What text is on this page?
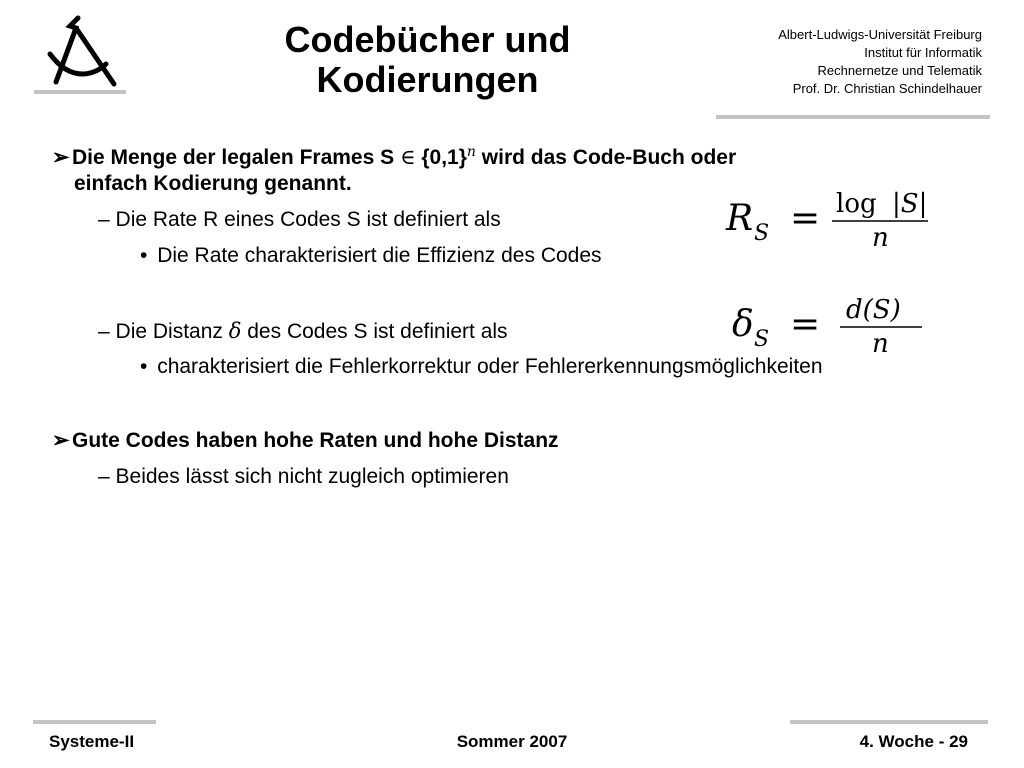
Codebücher und
Kodierungen
Albert-Ludwigs-Universität Freiburg
Institut für Informatik
Rechnernetze und Telematik
Prof. Dr. Christian Schindelhauer
➢ Die Menge der legalen Frames S ∈ $\{0,1\}^n$ wird das Code-Buch oder
einfach Kodierung genannt.
– Die Rate R eines Codes S ist definiert als
• Die Rate charakterisiert die Effizienz des Codes
– Die Distanz δ des Codes S ist definiert als
• charakterisiert die Fehlerkorrektur oder Fehlererkennungsmöglichkeiten
➢ Gute Codes haben hohe Raten und hohe Distanz
– Beides lässt sich nicht zugleich optimieren
R S = log |S|
n
δ S = d(S)
n
Systeme-II	Sommer 2007	4. Woche - 29
